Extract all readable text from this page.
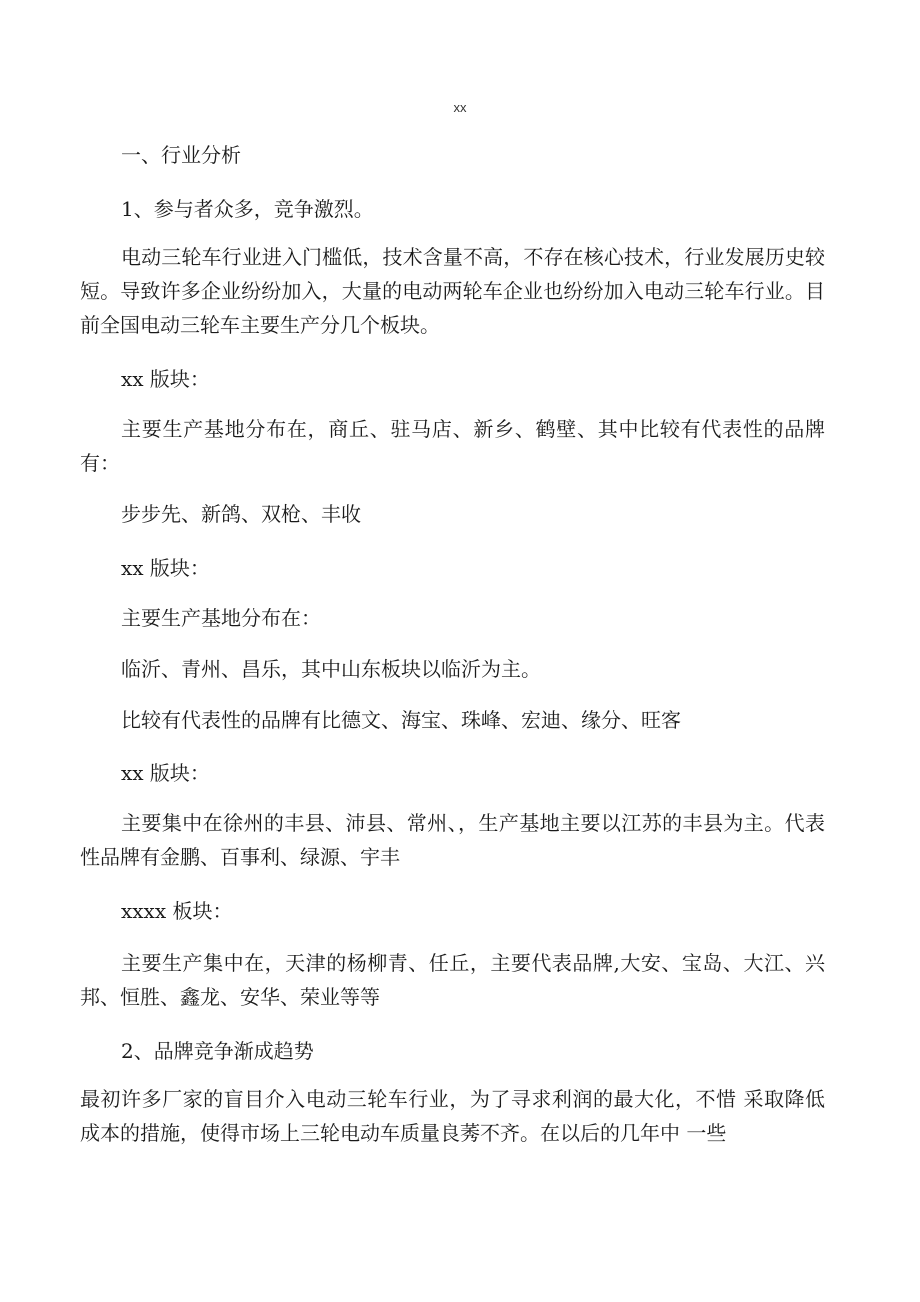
xx

一、行业分析

1、参与者众多，竞争激烈。

电动三轮车行业进入门槛低，技术含量不高，不存在核心技术，行业发展历史较短。导致许多企业纷纷加入，大量的电动两轮车企业也纷纷加入电动三轮车行业。目前全国电动三轮车主要生产分几个板块。

xx 版块：

主要生产基地分布在，商丘、驻马店、新乡、鹤壁、其中比较有代表性的品牌有：

步步先、新鸽、双枪、丰收

xx 版块：

主要生产基地分布在：

临沂、青州、昌乐，其中山东板块以临沂为主。

比较有代表性的品牌有比德文、海宝、珠峰、宏迪、缘分、旺客

xx 版块：

主要集中在徐州的丰县、沛县、常州、，生产基地主要以江苏的丰县为主。代表性品牌有金鹏、百事利、绿源、宇丰

xxxx 板块：

主要生产集中在，天津的杨柳青、任丘，主要代表品牌,大安、宝岛、大江、兴邦、恒胜、鑫龙、安华、荣业等等

2、品牌竞争渐成趋势

最初许多厂家的盲目介入电动三轮车行业，为了寻求利润的最大化，不惜 采取降低成本的措施，使得市场上三轮电动车质量良莠不齐。在以后的几年中 一些
